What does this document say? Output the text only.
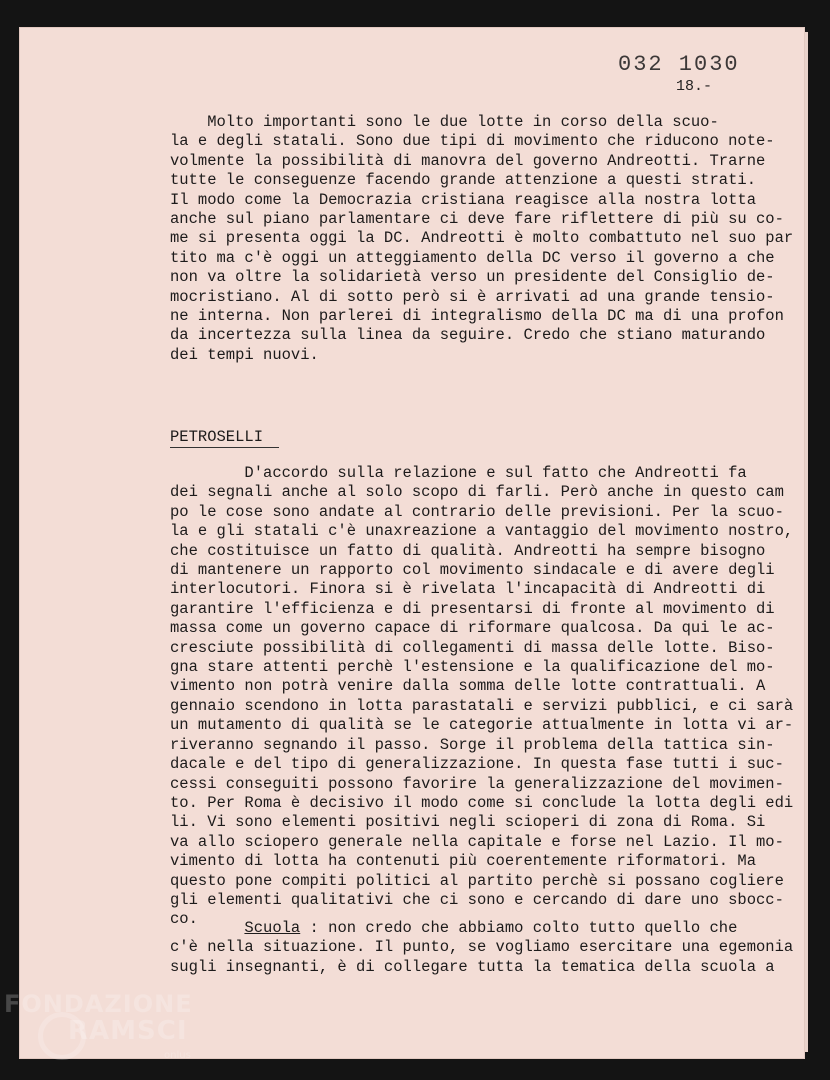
032 1030
18.-
Molto importanti sono le due lotte in corso della scuo-
la e degli statali. Sono due tipi di movimento che riducono note-
volmente la possibilità di manovra del governo Andreotti. Trarne
tutte le conseguenze facendo grande attenzione a questi strati.
Il modo come la Democrazia cristiana reagisce alla nostra lotta
anche sul piano parlamentare ci deve fare riflettere di più su co-
me si presenta oggi la DC. Andreotti è molto combattuto nel suo par
tito ma c'è oggi un atteggiamento della DC verso il governo a che
non va oltre la solidarietà verso un presidente del Consiglio de-
mocristiano. Al di sotto però si è arrivati ad una grande tensio-
ne interna. Non parlerei di integralismo della DC ma di una profon
da incertezza sulla linea da seguire. Credo che stiano maturando
dei tempi nuovi.
PETROSELLI
D'accordo sulla relazione e sul fatto che Andreotti fa
dei segnali anche al solo scopo di farli. Però anche in questo cam
po le cose sono andate al contrario delle previsioni. Per la scuo-
la e gli statali c'è unaxreazione a vantaggio del movimento nostro,
che costituisce un fatto di qualità. Andreotti ha sempre bisogno
di mantenere un rapporto col movimento sindacale e di avere degli
interlocutori. Finora si è rivelata l'incapacità di Andreotti di
garantire l'efficienza e di presentarsi di fronte al movimento di
massa come un governo capace di riformare qualcosa. Da qui le ac-
cresciute possibilità di collegamenti di massa delle lotte. Biso-
gna stare attenti perchè l'estensione e la qualificazione del mo-
vimento non potrà venire dalla somma delle lotte contrattuali. A
gennaio scendono in lotta parastatali e servizi pubblici, e ci sarà
un mutamento di qualità se le categorie attualmente in lotta vi ar-
riveranno segnando il passo. Sorge il problema della tattica sin-
dacale e del tipo di generalizzazione. In questa fase tutti i suc-
cessi conseguiti possono favorire la generalizzazione del movimen-
to. Per Roma è decisivo il modo come si conclude la lotta degli edi
li. Vi sono elementi positivi negli scioperi di zona di Roma. Si
va allo sciopero generale nella capitale e forse nel Lazio. Il mo-
vimento di lotta ha contenuti più coerentemente riformatori. Ma
questo pone compiti politici al partito perchè si possano cogliere
gli elementi qualitativi che ci sono e cercando di dare uno sbocc-
co.	Scuola : non credo che abbiamo colto tutto quello che

c'è nella situazione. Il punto, se vogliamo esercitare una egemonia
sugli insegnanti, è di collegare tutta la tematica della scuola a
FONDAZIONE
RAMSCI
onlus
